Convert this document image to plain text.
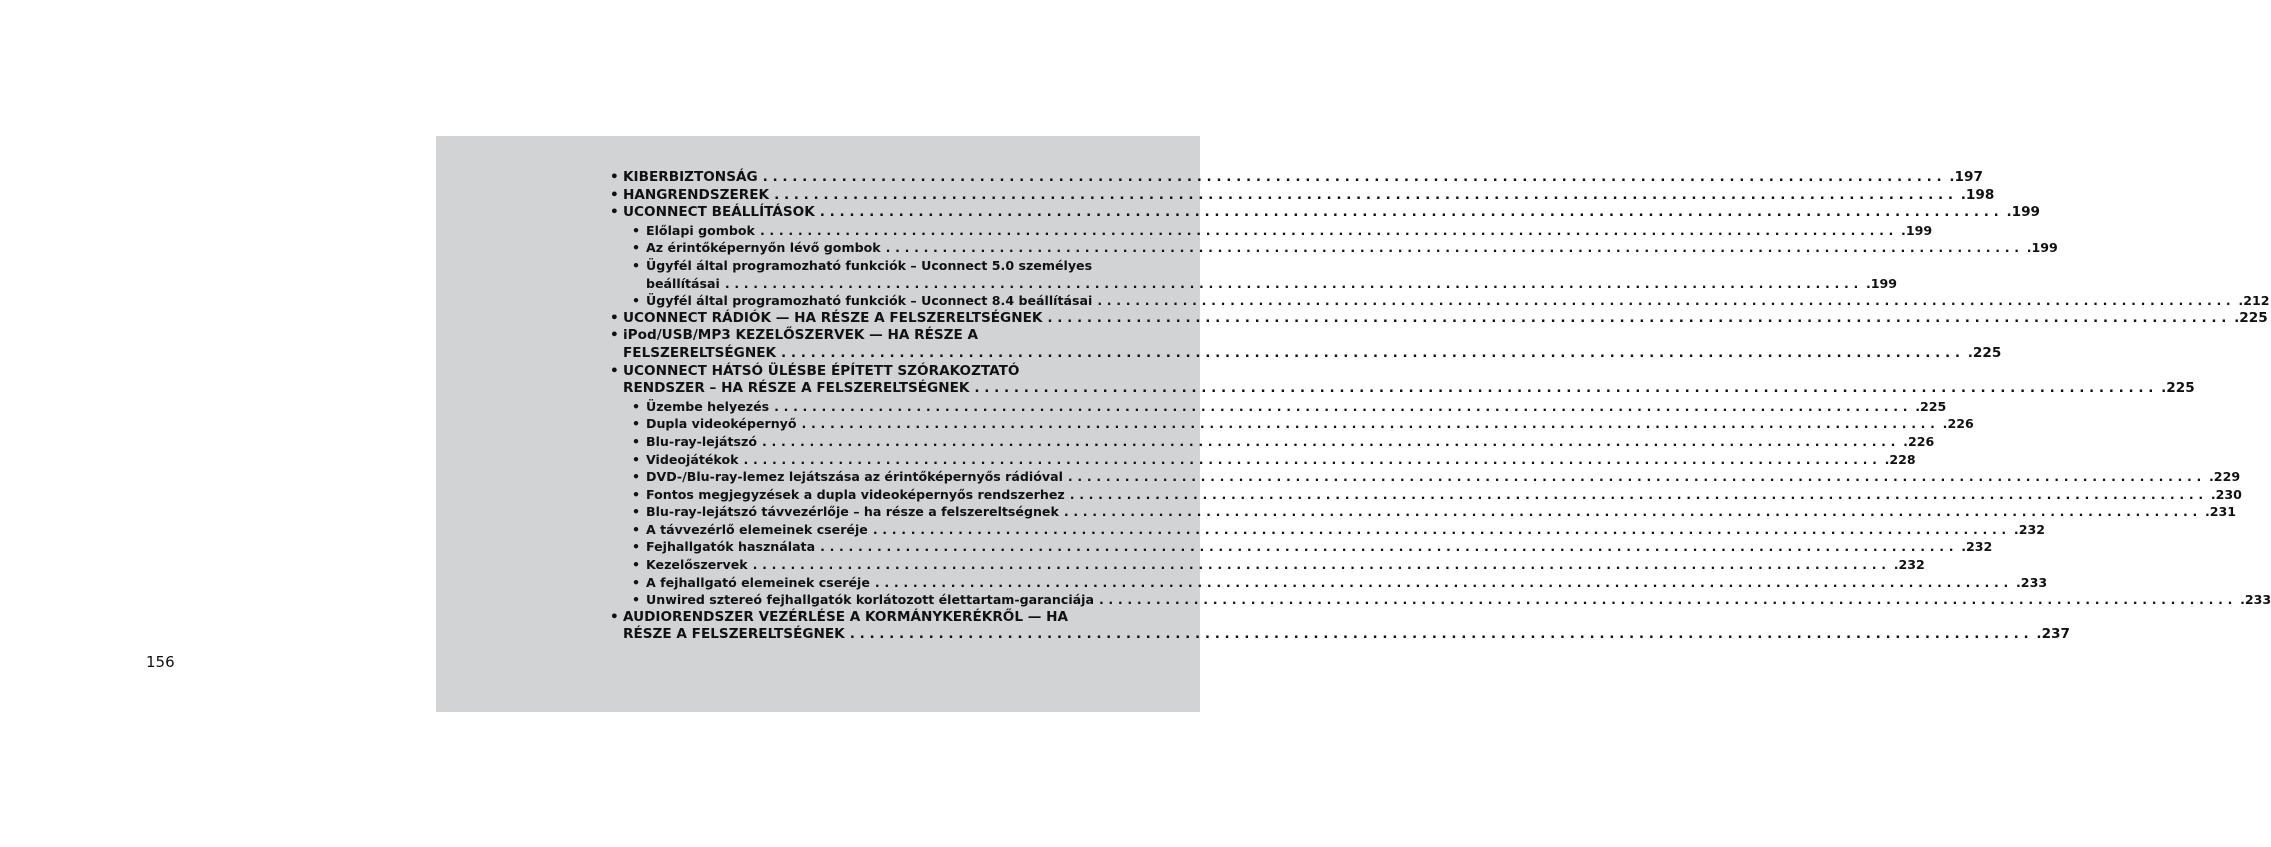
156
• KIBERBIZTONSÁG ........................................................................................................................ .197
• HANGRENDSZEREK ........................................................................................................................ .198
• UCONNECT BEÁLLÍTÁSOK ........................................................................................................................ .199
• Előlapi gombok ........................................................................................................................ .199
• Az érintőképernyőn lévő gombok ........................................................................................................................ .199
• Ügyfél által programozható funkciók – Uconnect 5.0 személyes
beállításai ........................................................................................................................ .199
• Ügyfél által programozható funkciók – Uconnect 8.4 beállításai ........................................................................................................................ .212
• UCONNECT RÁDIÓK — HA RÉSZE A FELSZERELTSÉGNEK ........................................................................................................................ .225
• iPod/USB/MP3 KEZELŐSZERVEK — HA RÉSZE A
FELSZERELTSÉGNEK ........................................................................................................................ .225
• UCONNECT HÁTSÓ ÜLÉSBE ÉPÍTETT SZÓRAKOZTATÓ
RENDSZER – HA RÉSZE A FELSZERELTSÉGNEK ........................................................................................................................ .225
• Üzembe helyezés ........................................................................................................................ .225
• Dupla videoképernyő ........................................................................................................................ .226
• Blu-ray-lejátszó ........................................................................................................................ .226
• Videojátékok ........................................................................................................................ .228
• DVD-/Blu-ray-lemez lejátszása az érintőképernyős rádióval ........................................................................................................................ .229
• Fontos megjegyzések a dupla videoképernyős rendszerhez ........................................................................................................................ .230
• Blu-ray-lejátszó távvezérlője – ha része a felszereltségnek ........................................................................................................................ .231
• A távvezérlő elemeinek cseréje ........................................................................................................................ .232
• Fejhallgatók használata ........................................................................................................................ .232
• Kezelőszervek ........................................................................................................................ .232
• A fejhallgató elemeinek cseréje ........................................................................................................................ .233
• Unwired sztereó fejhallgatók korlátozott élettartam-garanciája ........................................................................................................................ .233
• AUDIORENDSZER VEZÉRLÉSE A KORMÁNYKERÉKRŐL — HA
RÉSZE A FELSZERELTSÉGNEK ........................................................................................................................ .237
